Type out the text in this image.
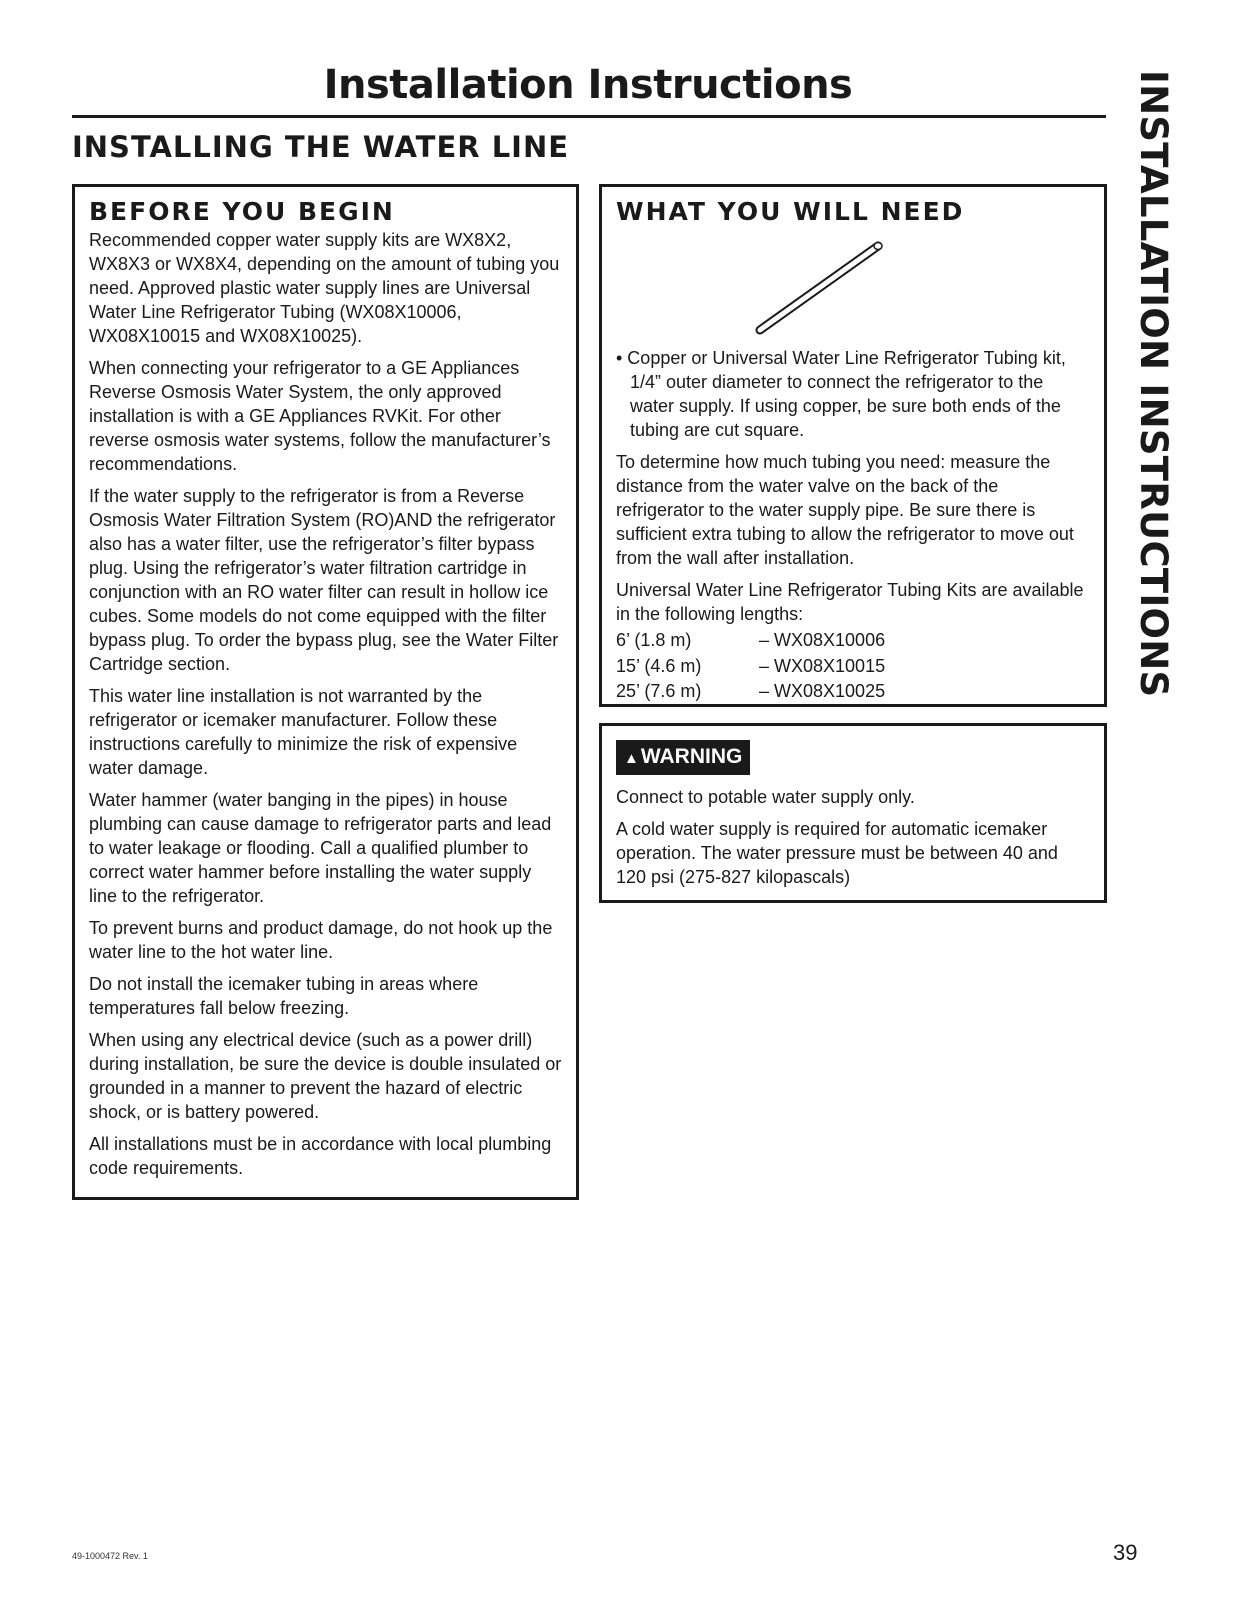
Installation Instructions
INSTALLING THE WATER LINE	INSTALLATION INSTRUCTIONS
BEFORE YOU BEGIN

Recommended copper water supply kits are WX8X2, WX8X3 or WX8X4, depending on the amount of tubing you need. Approved plastic water supply lines are Universal Water Line Refrigerator Tubing (WX08X10006, WX08X10015 and WX08X10025).

When connecting your refrigerator to a GE Appliances Reverse Osmosis Water System, the only approved installation is with a GE Appliances RVKit. For other reverse osmosis water systems, follow the manufacturer’s recommendations.

If the water supply to the refrigerator is from a Reverse Osmosis Water Filtration System (RO)AND the refrigerator also has a water filter, use the refrigerator’s filter bypass plug. Using the refrigerator’s water filtration cartridge in conjunction with an RO water filter can result in hollow ice cubes. Some models do not come equipped with the filter bypass plug. To order the bypass plug, see the Water Filter Cartridge section.

This water line installation is not warranted by the refrigerator or icemaker manufacturer. Follow these instructions carefully to minimize the risk of expensive water damage.

Water hammer (water banging in the pipes) in house plumbing can cause damage to refrigerator parts and lead to water leakage or flooding. Call a qualified plumber to correct water hammer before installing the water supply line to the refrigerator.

To prevent burns and product damage, do not hook up the water line to the hot water line.

Do not install the icemaker tubing in areas where temperatures fall below freezing.

When using any electrical device (such as a power drill) during installation, be sure the device is double insulated or grounded in a manner to prevent the hazard of electric shock, or is battery powered.

All installations must be in accordance with local plumbing code requirements.

WHAT YOU WILL NEED

• Copper or Universal Water Line Refrigerator Tubing kit, 1/4” outer diameter to connect the refrigerator to the water supply. If using copper, be sure both ends of the tubing are cut square.

To determine how much tubing you need: measure the distance from the water valve on the back of the refrigerator to the water supply pipe. Be sure there is sufficient extra tubing to allow the refrigerator to move out from the wall after installation.

Universal Water Line Refrigerator Tubing Kits are available in the following lengths:

6’ (1.8 m)	– WX08X10006
15’ (4.6 m)	– WX08X10015
25’ (7.6 m)	– WX08X10025
▲WARNING

Connect to potable water supply only.

A cold water supply is required for automatic icemaker operation. The water pressure must be between 40 and 120 psi (275-827 kilopascals)

49-1000472 Rev. 1	39
